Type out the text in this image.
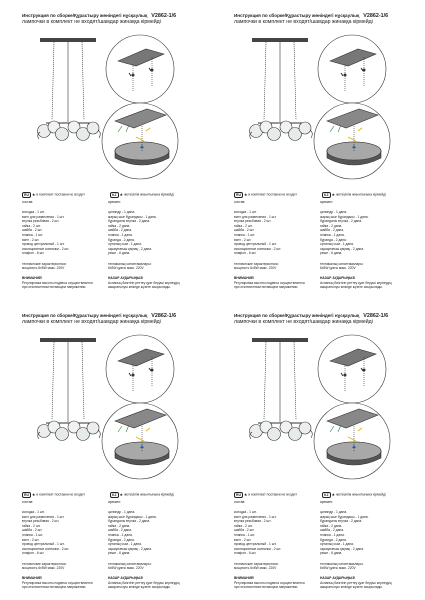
Инструкция по сборке/Құрастыру жөніндегі нұсқаулық V2862-1/6
лампочки в комплект не входят/шамдар жинаққа кірмейді
RU ★ в комплект поставки не входит	KZ ★ жеткізілім жиынтығына кірмейді
состав:
колодка - 1 шт.
винт для развесения - 1 шт.
втулка резьбовая - 2 шт.
гайка - 2 шт.
шайба - 2 шт.
планка - 1 шт.
винт - 2 шт.
провод центральный - 1 шт.
изоляционные колпачки - 2 шт.
плафон - 6 шт.
технические характеристики:
мощность 6x5W макс. 220V
ВНИМАНИЕ!
Регулировка высоты подвеса осуществляется
при отключенном питающем напряжении.
ареккен:
цилиндр - 1 дана.
жарық шығ бұрандасы - 1 дана.
бұрандалы втулка - 2 дана.
гайка - 2 дана.
шайба - 2 дана.
планка - 1 дана.
бұранда - 2 дана.
орталық сым - 1 дана.
оқшаулағыш қақпақ - 2 дана.
реше - 6 дана.
техникалық сипаттамалары:
6x5W қуаты макс. 220V
НАЗАР АУДАРЫҢЫЗ!
Аспаның биіктігін реттеу қуат беруші кернеудің
ажыратылуы кезінде жүзеге асырылады.
Инструкция по сборке/Құрастыру жөніндегі нұсқаулық V2862-1/6
лампочки в комплект не входят/шамдар жинаққа кірмейді
RU ★ в комплект поставки не входит	KZ ★ жеткізілім жиынтығына кірмейді
состав:
колодка - 1 шт.
винт для развесения - 1 шт.
втулка резьбовая - 2 шт.
гайка - 2 шт.
шайба - 2 шт.
планка - 1 шт.
винт - 2 шт.
провод центральный - 1 шт.
изоляционные колпачки - 2 шт.
плафон - 6 шт.
технические характеристики:
мощность 6x5W макс. 220V
ВНИМАНИЕ!
Регулировка высоты подвеса осуществляется
при отключенном питающем напряжении.
ареккен:
цилиндр - 1 дана.
жарық шығ бұрандасы - 1 дана.
бұрандалы втулка - 2 дана.
гайка - 2 дана.
шайба - 2 дана.
планка - 1 дана.
бұранда - 2 дана.
орталық сым - 1 дана.
оқшаулағыш қақпақ - 2 дана.
реше - 6 дана.
техникалық сипаттамалары:
6x5W қуаты макс. 220V
НАЗАР АУДАРЫҢЫЗ!
Аспаның биіктігін реттеу қуат беруші кернеудің
ажыратылуы кезінде жүзеге асырылады.
Инструкция по сборке/Құрастыру жөніндегі нұсқаулық V2862-1/6
лампочки в комплект не входят/шамдар жинаққа кірмейді
RU ★ в комплект поставки не входит	KZ ★ жеткізілім жиынтығына кірмейді
состав:
колодка - 1 шт.
винт для развесения - 1 шт.
втулка резьбовая - 2 шт.
гайка - 2 шт.
шайба - 2 шт.
планка - 1 шт.
винт - 2 шт.
провод центральный - 1 шт.
изоляционные колпачки - 2 шт.
плафон - 6 шт.
технические характеристики:
мощность 6x5W макс. 220V
ВНИМАНИЕ!
Регулировка высоты подвеса осуществляется
при отключенном питающем напряжении.
ареккен:
цилиндр - 1 дана.
жарық шығ бұрандасы - 1 дана.
бұрандалы втулка - 2 дана.
гайка - 2 дана.
шайба - 2 дана.
планка - 1 дана.
бұранда - 2 дана.
орталық сым - 1 дана.
оқшаулағыш қақпақ - 2 дана.
реше - 6 дана.
техникалық сипаттамалары:
6x5W қуаты макс. 220V
НАЗАР АУДАРЫҢЫЗ!
Аспаның биіктігін реттеу қуат беруші кернеудің
ажыратылуы кезінде жүзеге асырылады.
Инструкция по сборке/Құрастыру жөніндегі нұсқаулық V2862-1/6
лампочки в комплект не входят/шамдар жинаққа кірмейді
RU ★ в комплект поставки не входит	KZ ★ жеткізілім жиынтығына кірмейді
состав:
колодка - 1 шт.
винт для развесения - 1 шт.
втулка резьбовая - 2 шт.
гайка - 2 шт.
шайба - 2 шт.
планка - 1 шт.
винт - 2 шт.
провод центральный - 1 шт.
изоляционные колпачки - 2 шт.
плафон - 6 шт.
технические характеристики:
мощность 6x5W макс. 220V
ВНИМАНИЕ!
Регулировка высоты подвеса осуществляется
при отключенном питающем напряжении.
ареккен:
цилиндр - 1 дана.
жарық шығ бұрандасы - 1 дана.
бұрандалы втулка - 2 дана.
гайка - 2 дана.
шайба - 2 дана.
планка - 1 дана.
бұранда - 2 дана.
орталық сым - 1 дана.
оқшаулағыш қақпақ - 2 дана.
реше - 6 дана.
техникалық сипаттамалары:
6x5W қуаты макс. 220V
НАЗАР АУДАРЫҢЫЗ!
Аспаның биіктігін реттеу қуат беруші кернеудің
ажыратылуы кезінде жүзеге асырылады.
